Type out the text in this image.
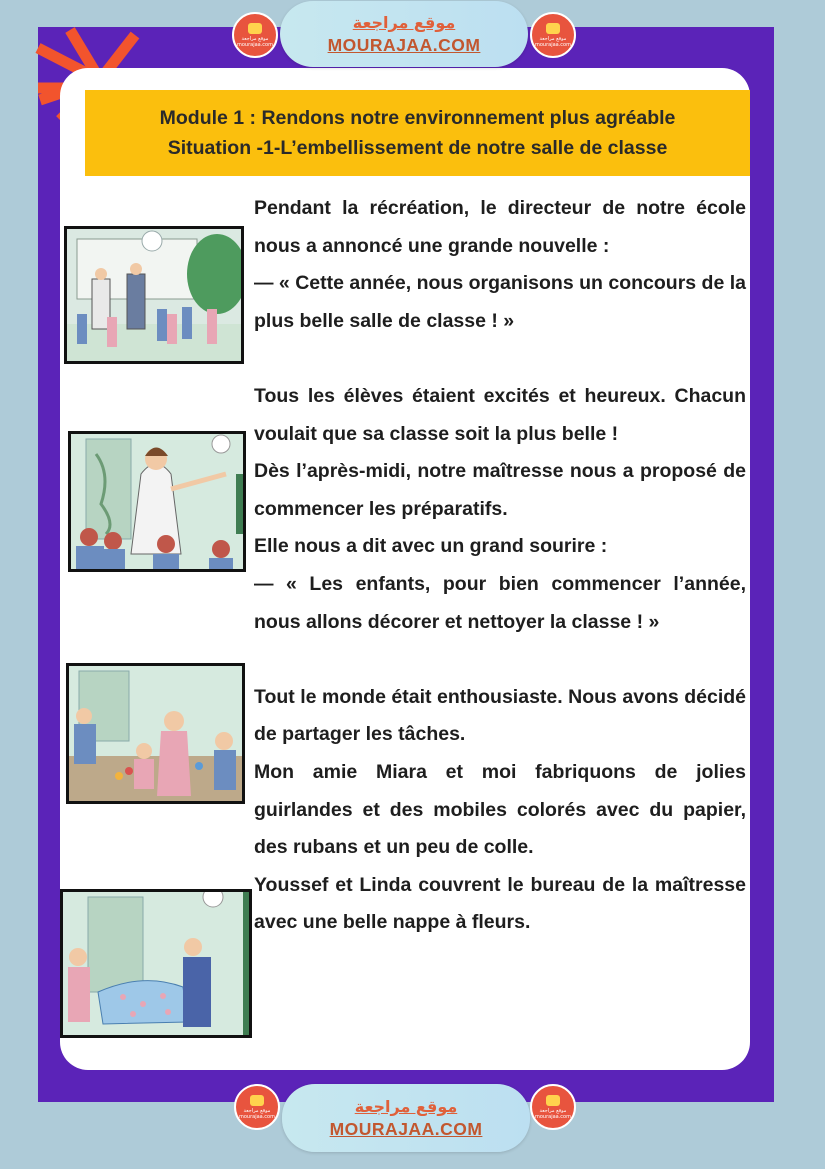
موقع مراجعة
mourajaa.com
موقع مراجعة
MOURAJAA.COM	موقع مراجعة
mourajaa.com
Module 1 : Rendons notre environnement plus agréable
Situation -1-L’embellissement de notre salle de classe

Pendant la récréation, le directeur de notre école nous a annoncé une grande nouvelle :

— « Cette année, nous organisons un concours de la plus belle salle de classe ! »

Tous les élèves étaient excités et heureux. Chacun voulait que sa classe soit la plus belle !

Dès l’après-midi, notre maîtresse nous a proposé de commencer les préparatifs.

Elle nous a dit avec un grand sourire :

— « Les enfants, pour bien commencer l’année, nous allons décorer et nettoyer la classe ! »

Tout le monde était enthousiaste. Nous avons décidé de partager les tâches.

Mon amie Miara et moi fabriquons de jolies guirlandes et des mobiles colorés avec du papier, des rubans et un peu de colle.

Youssef et Linda couvrent le bureau de la maîtresse avec une belle nappe à fleurs.

موقع مراجعة
mourajaa.com
موقع مراجعة
MOURAJAA.COM
موقع مراجعة
mourajaa.com
